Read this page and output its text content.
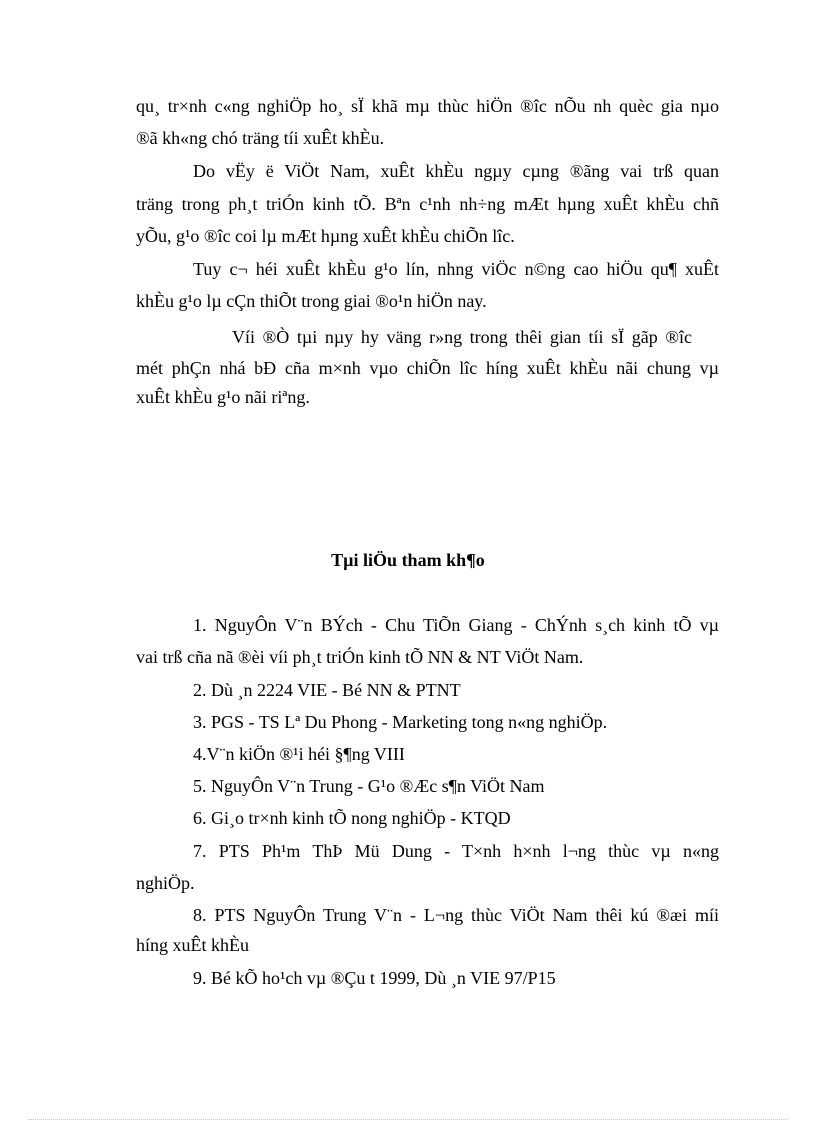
qu¸ tr×nh c«ng nghiÖp ho¸ sÏ khã mµ thùc hiÖn ®îc nÕu nh quèc gia nµo
®ã kh«ng chó träng tíi xuÊt khÈu.
Do vËy ë ViÖt Nam, xuÊt khÈu ngµy cµng ®ãng vai trß quan
träng trong ph¸t triÓn kinh tÕ. Bªn c¹nh nh÷ng mÆt hµng xuÊt khÈu chñ
yÕu, g¹o ®îc coi lµ mÆt hµng xuÊt khÈu chiÕn lîc.
Tuy c¬ héi xuÊt khÈu g¹o lín, nhng viÖc n©ng cao hiÖu qu¶ xuÊt
khÈu g¹o lµ cÇn thiÕt trong giai ®o¹n hiÖn nay.
Víi ®Ò tµi nµy hy väng r»ng trong thêi gian tíi sÏ gãp ®îc
mét phÇn nhá bÐ cña m×nh vµo chiÕn lîc híng xuÊt khÈu nãi chung vµ
xuÊt khÈu g¹o nãi riªng.
Tµi liÖu tham kh¶o
1. NguyÔn V¨n BÝch - Chu TiÕn Giang - ChÝnh s¸ch kinh tÕ vµ
vai trß cña nã ®èi víi ph¸t triÓn kinh tÕ NN & NT ViÖt Nam.
2. Dù ¸n 2224 VIE - Bé NN & PTNT
3. PGS - TS Lª Du Phong - Marketing tong n«ng nghiÖp.
4.V¨n kiÖn ®¹i héi §¶ng VIII
5. NguyÔn V¨n Trung - G¹o ®Æc s¶n ViÖt Nam
6. Gi¸o tr×nh kinh tÕ nong nghiÖp - KTQD
7. PTS Ph¹m ThÞ Mü Dung - T×nh h×nh l¬ng thùc vµ n«ng
nghiÖp.
8. PTS NguyÔn Trung V¨n - L¬ng thùc ViÖt Nam thêi kú ®æi míi
híng xuÊt khÈu
9. Bé kÕ ho¹ch vµ ®Çu t 1999, Dù ¸n VIE 97/P15
